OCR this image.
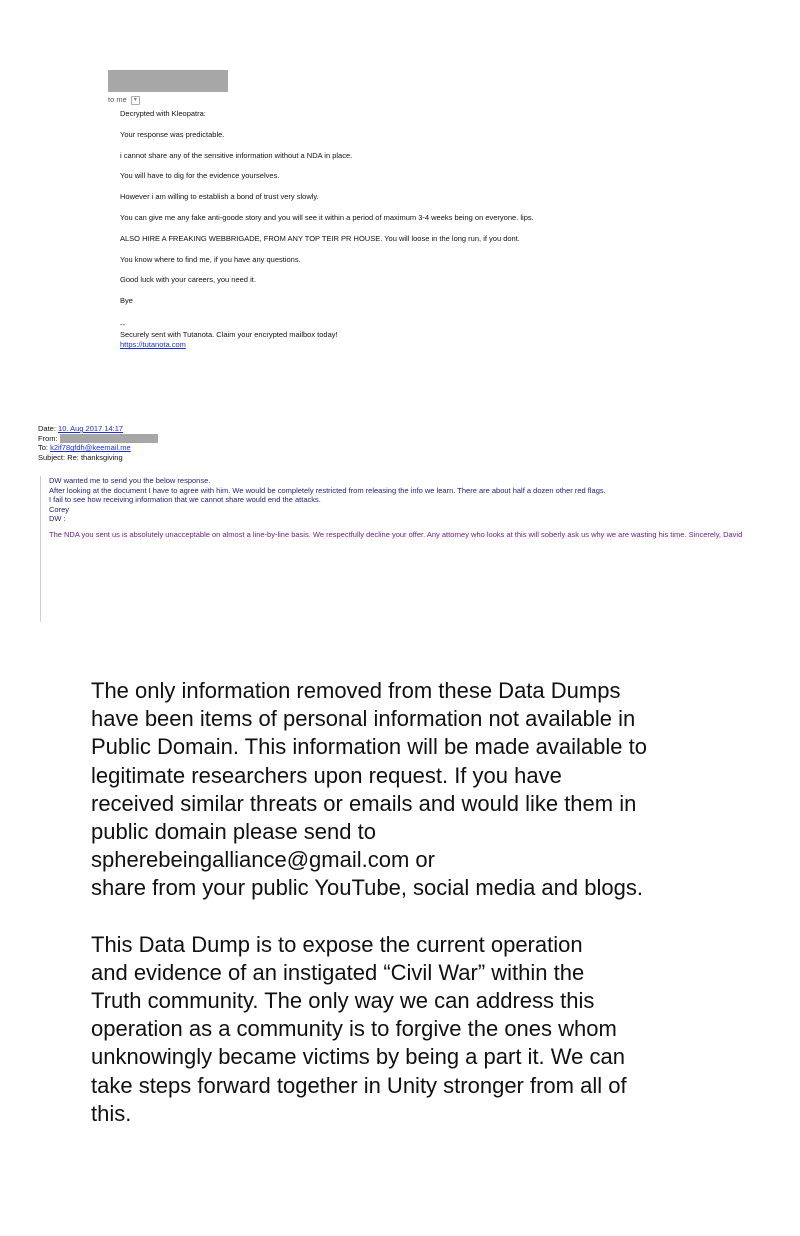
to me ▾
Decrypted with Kleopatra:
Your response was predictable.
i cannot share any of the sensitive information without a NDA in place.
You will have to dig for the evidence yourselves.
However i am willing to establish a bond of trust very slowly.
You can give me any fake anti-goode story and you will see it within a period of maximum 3-4 weeks being on everyone. lips.
ALSO HIRE A FREAKING WEBBRIGADE, FROM ANY TOP TEIR PR HOUSE. You will loose in the long run, if you dont.
You know where to find me, if you have any questions.
Good luck with your careers, you need it.
Bye
--
Securely sent with Tutanota. Claim your encrypted mailbox today!
https://tutanota.com
Date: 10. Aug 2017 14:17
From:
To: k2if78gfdh@keemail.me
Subject: Re: thanksgiving
DW wanted me to send you the below response.
After looking at the document I have to agree with him. We would be completely restricted from releasing the info we learn. There are about half a dozen other red flags.
I fail to see how receiving information that we cannot share would end the attacks.
Corey
DW :
The NDA you sent us is absolutely unacceptable on almost a line-by-line basis. We respectfully decline your offer. Any attorney who looks at this will soberly ask us why we are wasting his time. Sincerely, David

The only information removed from these Data Dumps
have been items of personal information not available in
Public Domain. This information will be made available to
legitimate researchers upon request. If you have
received similar threats or emails and would like them in
public domain please send to
spherebeingalliance@gmail.com or
share from your public YouTube, social media and blogs.

This Data Dump is to expose the current operation
and evidence of an instigated “Civil War” within the
Truth community. The only way we can address this
operation as a community is to forgive the ones whom
unknowingly became victims by being a part it. We can
take steps forward together in Unity stronger from all of
this.
